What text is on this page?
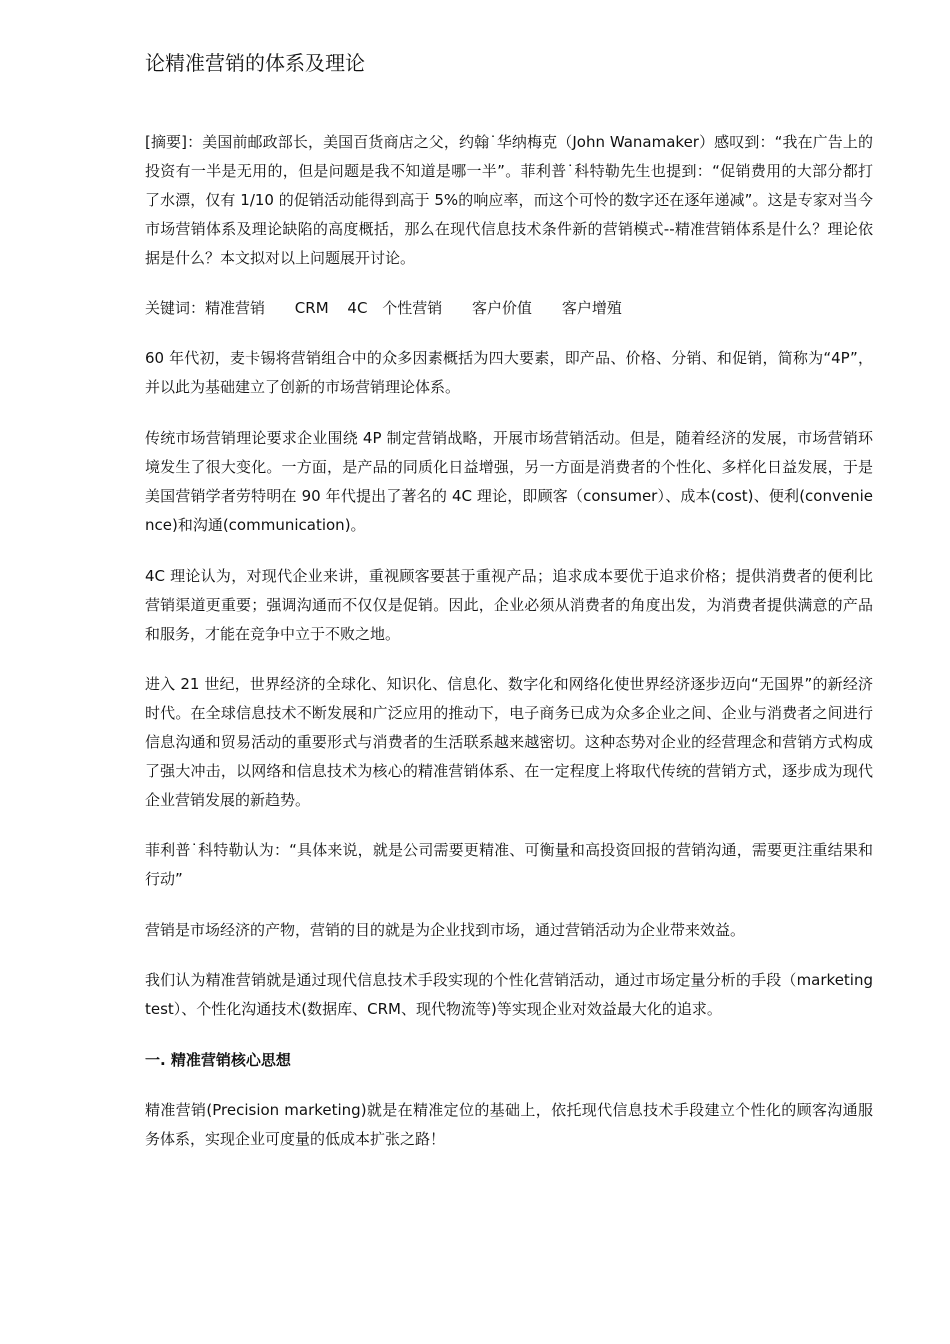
论精准营销的体系及理论

[摘要]：美国前邮政部长，美国百货商店之父，约翰˙华纳梅克（John Wanamaker）感叹到：“我在广告上的投资有一半是无用的，但是问题是我不知道是哪一半”。菲利普˙科特勒先生也提到：“促销费用的大部分都打了水漂，仅有 1/10 的促销活动能得到高于 5%的响应率，而这个可怜的数字还在逐年递减”。这是专家对当今市场营销体系及理论缺陷的高度概括，那么在现代信息技术条件新的营销模式--精准营销体系是什么？理论依据是什么？本文拟对以上问题展开讨论。

关键词：精准营销 CRM 4C 个性营销 客户价值 客户增殖

60 年代初，麦卡锡将营销组合中的众多因素概括为四大要素，即产品、价格、分销、和促销，简称为“4P”，并以此为基础建立了创新的市场营销理论体系。

传统市场营销理论要求企业围绕 4P 制定营销战略，开展市场营销活动。但是，随着经济的发展，市场营销环境发生了很大变化。一方面，是产品的同质化日益增强，另一方面是消费者的个性化、多样化日益发展，于是美国营销学者劳特明在 90 年代提出了著名的 4C 理论，即顾客（consumer）、成本(cost)、便利(convenience)和沟通(communication)。

4C 理论认为，对现代企业来讲，重视顾客要甚于重视产品；追求成本要优于追求价格；提供消费者的便利比营销渠道更重要；强调沟通而不仅仅是促销。因此，企业必须从消费者的角度出发，为消费者提供满意的产品和服务，才能在竞争中立于不败之地。

进入 21 世纪，世界经济的全球化、知识化、信息化、数字化和网络化使世界经济逐步迈向“无国界”的新经济时代。在全球信息技术不断发展和广泛应用的推动下，电子商务已成为众多企业之间、企业与消费者之间进行信息沟通和贸易活动的重要形式与消费者的生活联系越来越密切。这种态势对企业的经营理念和营销方式构成了强大冲击，以网络和信息技术为核心的精准营销体系、在一定程度上将取代传统的营销方式，逐步成为现代企业营销发展的新趋势。

菲利普˙科特勒认为：“具体来说，就是公司需要更精准、可衡量和高投资回报的营销沟通，需要更注重结果和行动”

营销是市场经济的产物，营销的目的就是为企业找到市场，通过营销活动为企业带来效益。

我们认为精准营销就是通过现代信息技术手段实现的个性化营销活动，通过市场定量分析的手段（marketing test）、个性化沟通技术(数据库、CRM、现代物流等)等实现企业对效益最大化的追求。

一. 精准营销核心思想

精准营销(Precision marketing)就是在精准定位的基础上，依托现代信息技术手段建立个性化的顾客沟通服务体系，实现企业可度量的低成本扩张之路！
